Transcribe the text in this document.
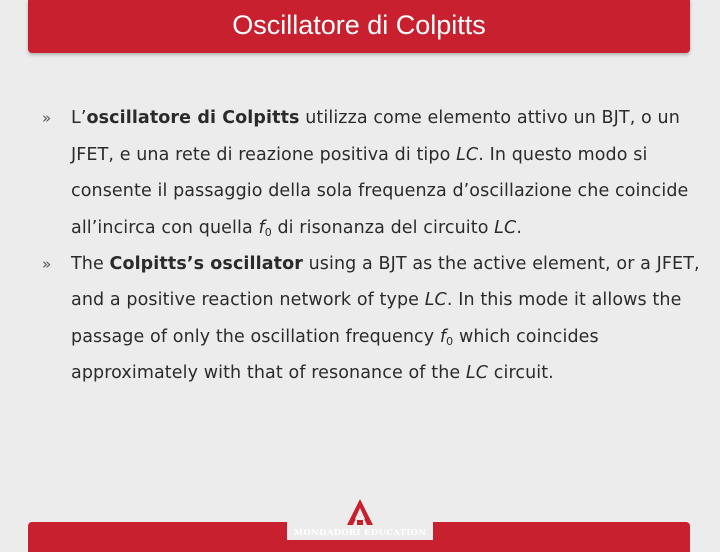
Oscillatore di Colpitts
» L’oscillatore di Colpitts utilizza come elemento attivo un BJT, o un JFET, e una rete di reazione positiva di tipo LC. In questo modo si consente il passaggio della sola frequenza d’oscillazione che coincide all’incirca con quella $f_0$ di risonanza del circuito LC.
» The Colpitts’s oscillator using a BJT as the active element, or a JFET, and a positive reaction network of type LC. In this mode it allows the passage of only the oscillation frequency $f_0$ which coincides approximately with that of resonance of the LC circuit.
MONDADORI EDUCATION
